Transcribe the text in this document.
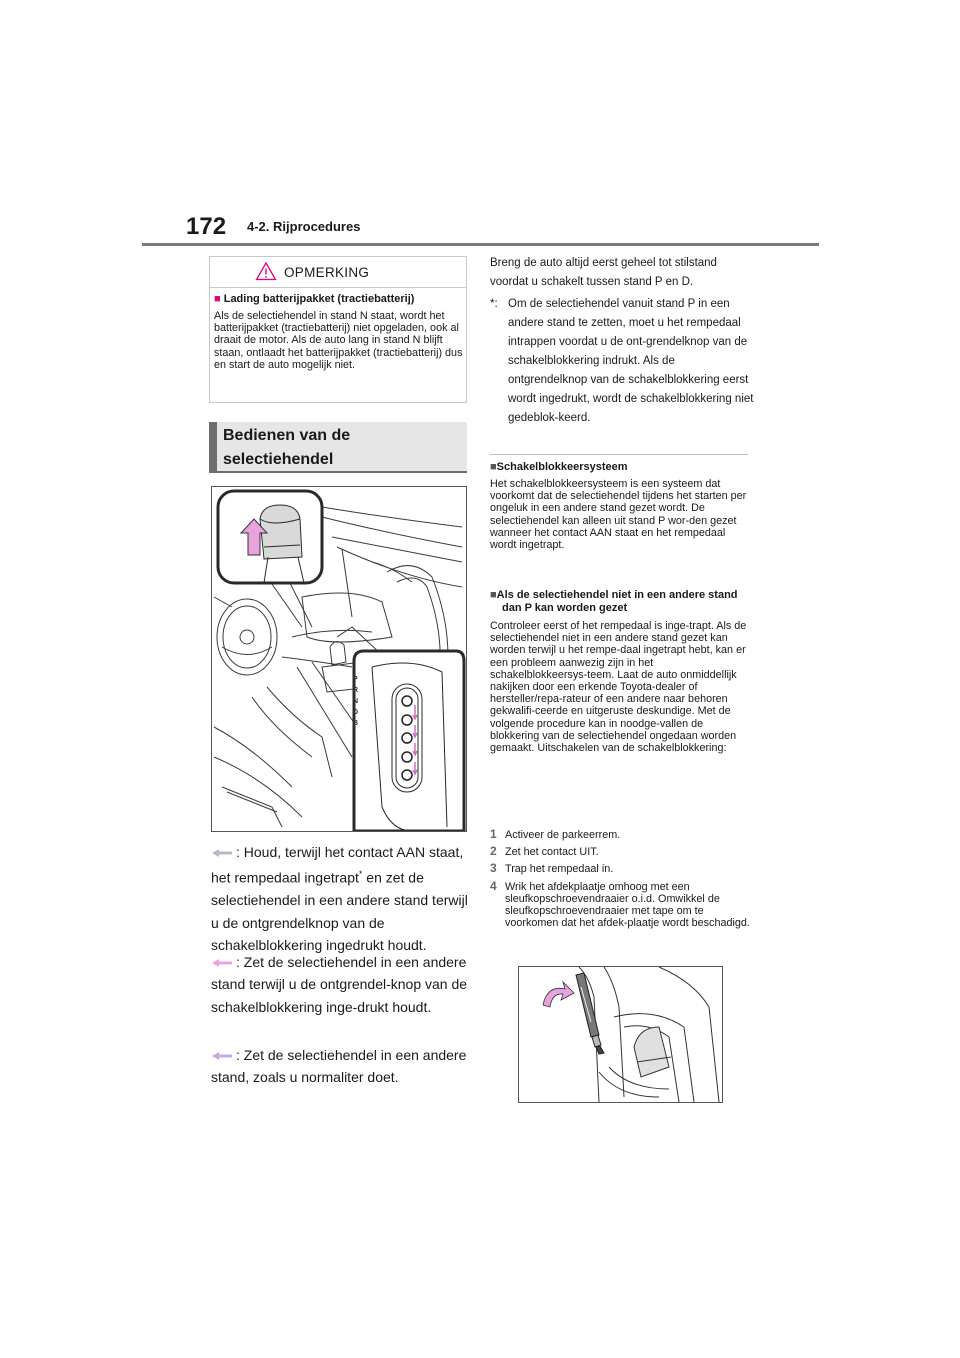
172 4-2. Rijprocedures
OPMERKING
■ Lading batterijpakket (tractiebatterij)
Als de selectiehendel in stand N staat, wordt het batterijpakket (tractiebatterij) niet opgeladen, ook al draait de motor. Als de auto lang in stand N blijft staan, ontlaadt het batterijpakket (tractiebatterij) dus en start de auto mogelijk niet.
Bedienen van de selectiehendel
P
R
N
D
B
: Houd, terwijl het contact AAN staat, het rempedaal ingetrapt* en zet de selectiehendel in een andere stand terwijl u de ontgrendelknop van de schakelblokkering ingedrukt houdt.
: Zet de selectiehendel in een andere stand terwijl u de ontgrendel-knop van de schakelblokkering inge-drukt houdt.
: Zet de selectiehendel in een andere stand, zoals u normaliter doet.
Breng de auto altijd eerst geheel tot stilstand voordat u schakelt tussen stand P en D.
*: Om de selectiehendel vanuit stand P in een andere stand te zetten, moet u het rempedaal intrappen voordat u de ont-grendelknop van de schakelblokkering indrukt. Als de ontgrendelknop van de schakelblokkering eerst wordt ingedrukt, wordt de schakelblokkering niet gedeblok-keerd.
■Schakelblokkeersysteem
Het schakelblokkeersysteem is een systeem dat voorkomt dat de selectiehendel tijdens het starten per ongeluk in een andere stand gezet wordt. De selectiehendel kan alleen uit stand P wor-den gezet wanneer het contact AAN staat en het rempedaal wordt ingetrapt.
■Als de selectiehendel niet in een andere stand dan P kan worden gezet
Controleer eerst of het rempedaal is inge-trapt. Als de selectiehendel niet in een andere stand gezet kan worden terwijl u het rempe-daal ingetrapt hebt, kan er een probleem aanwezig zijn in het schakelblokkeersys-teem. Laat de auto onmiddellijk nakijken door een erkende Toyota-dealer of hersteller/repa-rateur of een andere naar behoren gekwalifi-ceerde en uitgeruste deskundige. Met de volgende procedure kan in noodge-vallen de blokkering van de selectiehendel ongedaan worden gemaakt. Uitschakelen van de schakelblokkering:
1 Activeer de parkeerrem.
2 Zet het contact UIT.
3 Trap het rempedaal in.
4 Wrik het afdekplaatje omhoog met een sleufkopschroevendraaier o.i.d. Omwikkel de sleufkopschroevendraaier met tape om te voorkomen dat het afdek-plaatje wordt beschadigd.
